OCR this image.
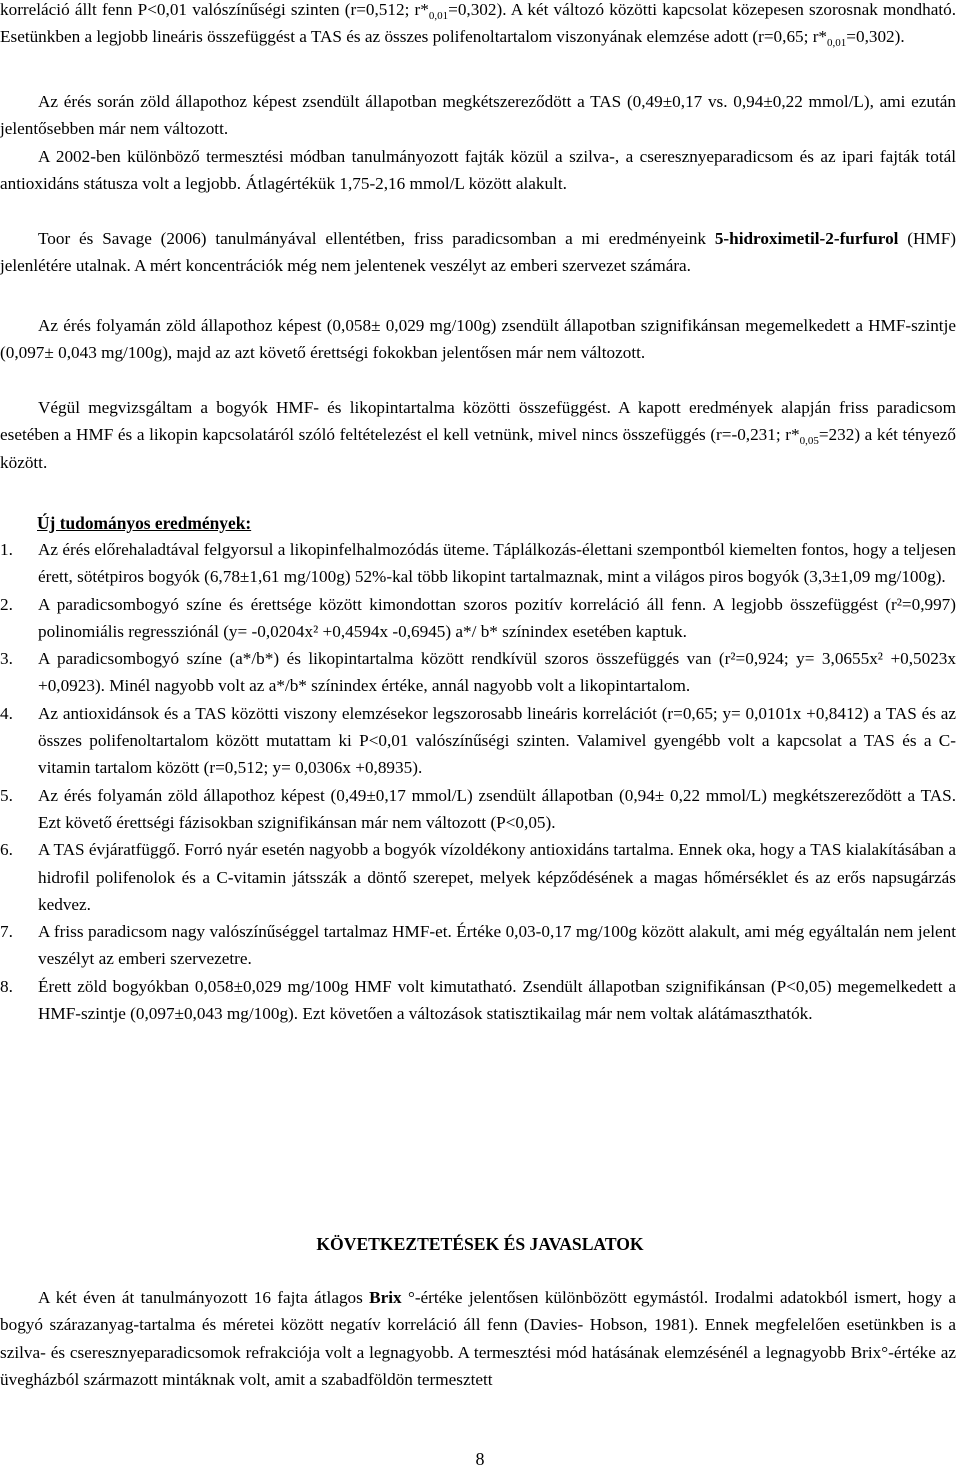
korreláció állt fenn P<0,01 valószínűségi szinten (r=0,512; $r*_{0,01}=0,302$). A két változó közötti kapcsolat közepesen szorosnak mondható. Esetünkben a legjobb lineáris összefüggést a TAS és az összes polifenoltartalom viszonyának elemzése adott (r=0,65; $r*_{0,01}=0,302$).

Az érés során zöld állapothoz képest zsendült állapotban megkétszereződött a TAS (0,49±0,17 vs. 0,94±0,22 mmol/L), ami ezután jelentősebben már nem változott.

A 2002-ben különböző termesztési módban tanulmányozott fajták közül a szilva-, a cseresznyeparadicsom és az ipari fajták totál antioxidáns státusza volt a legjobb. Átlagértékük 1,75-2,16 mmol/L között alakult.

Toor és Savage (2006) tanulmányával ellentétben, friss paradicsomban a mi eredményeink 5-hidroximetil-2-furfurol (HMF) jelenlétére utalnak. A mért koncentrációk még nem jelentenek veszélyt az emberi szervezet számára.

Az érés folyamán zöld állapothoz képest (0,058± 0,029 mg/100g) zsendült állapotban szignifikánsan megemelkedett a HMF-szintje (0,097± 0,043 mg/100g), majd az azt követő érettségi fokokban jelentősen már nem változott.

Végül megvizsgáltam a bogyók HMF- és likopintartalma közötti összefüggést. A kapott eredmények alapján friss paradicsom esetében a HMF és a likopin kapcsolatáról szóló feltételezést el kell vetnünk, mivel nincs összefüggés (r=-0,231; $r*_{0,05}=232$) a két tényező között.

Új tudományos eredmények:
1. Az érés előrehaladtával felgyorsul a likopinfelhalmozódás üteme. Táplálkozás-élettani szempontból kiemelten fontos, hogy a teljesen érett, sötétpiros bogyók (6,78±1,61 mg/100g) 52%-kal több likopint tartalmaznak, mint a világos piros bogyók (3,3±1,09 mg/100g).
2. A paradicsombogyó színe és érettsége között kimondottan szoros pozitív korreláció áll fenn. A legjobb összefüggést (r²=0,997) polinomiális regressziónál (y= -0,0204x² +0,4594x -0,6945) a*/ b* színindex esetében kaptuk.
3. A paradicsombogyó színe (a*/b*) és likopintartalma között rendkívül szoros összefüggés van (r²=0,924; y= 3,0655x² +0,5023x +0,0923). Minél nagyobb volt az a*/b* színindex értéke, annál nagyobb volt a likopintartalom.
4. Az antioxidánsok és a TAS közötti viszony elemzésekor legszorosabb lineáris korrelációt (r=0,65; y= 0,0101x +0,8412) a TAS és az összes polifenoltartalom között mutattam ki P<0,01 valószínűségi szinten. Valamivel gyengébb volt a kapcsolat a TAS és a C-vitamin tartalom között (r=0,512; y= 0,0306x +0,8935).
5. Az érés folyamán zöld állapothoz képest (0,49±0,17 mmol/L) zsendült állapotban (0,94± 0,22 mmol/L) megkétszereződött a TAS. Ezt követő érettségi fázisokban szignifikánsan már nem változott (P<0,05).
6. A TAS évjáratfüggő. Forró nyár esetén nagyobb a bogyók vízoldékony antioxidáns tartalma. Ennek oka, hogy a TAS kialakításában a hidrofil polifenolok és a C-vitamin játsszák a döntő szerepet, melyek képződésének a magas hőmérséklet és az erős napsugárzás kedvez.
7. A friss paradicsom nagy valószínűséggel tartalmaz HMF-et. Értéke 0,03-0,17 mg/100g között alakult, ami még egyáltalán nem jelent veszélyt az emberi szervezetre.
8. Érett zöld bogyókban 0,058±0,029 mg/100g HMF volt kimutatható. Zsendült állapotban szignifikánsan (P<0,05) megemelkedett a HMF-szintje (0,097±0,043 mg/100g). Ezt követően a változások statisztikailag már nem voltak alátámaszthatók.
KÖVETKEZTETÉSEK ÉS JAVASLATOK

A két éven át tanulmányozott 16 fajta átlagos Brix °-értéke jelentősen különbözött egymástól. Irodalmi adatokból ismert, hogy a bogyó szárazanyag-tartalma és méretei között negatív korreláció áll fenn (Davies- Hobson, 1981). Ennek megfelelően esetünkben is a szilva- és cseresznyeparadicsomok refrakciója volt a legnagyobb. A termesztési mód hatásának elemzésénél a legnagyobb Brix°-értéke az üvegházból származott mintáknak volt, amit a szabadföldön termesztett

8
